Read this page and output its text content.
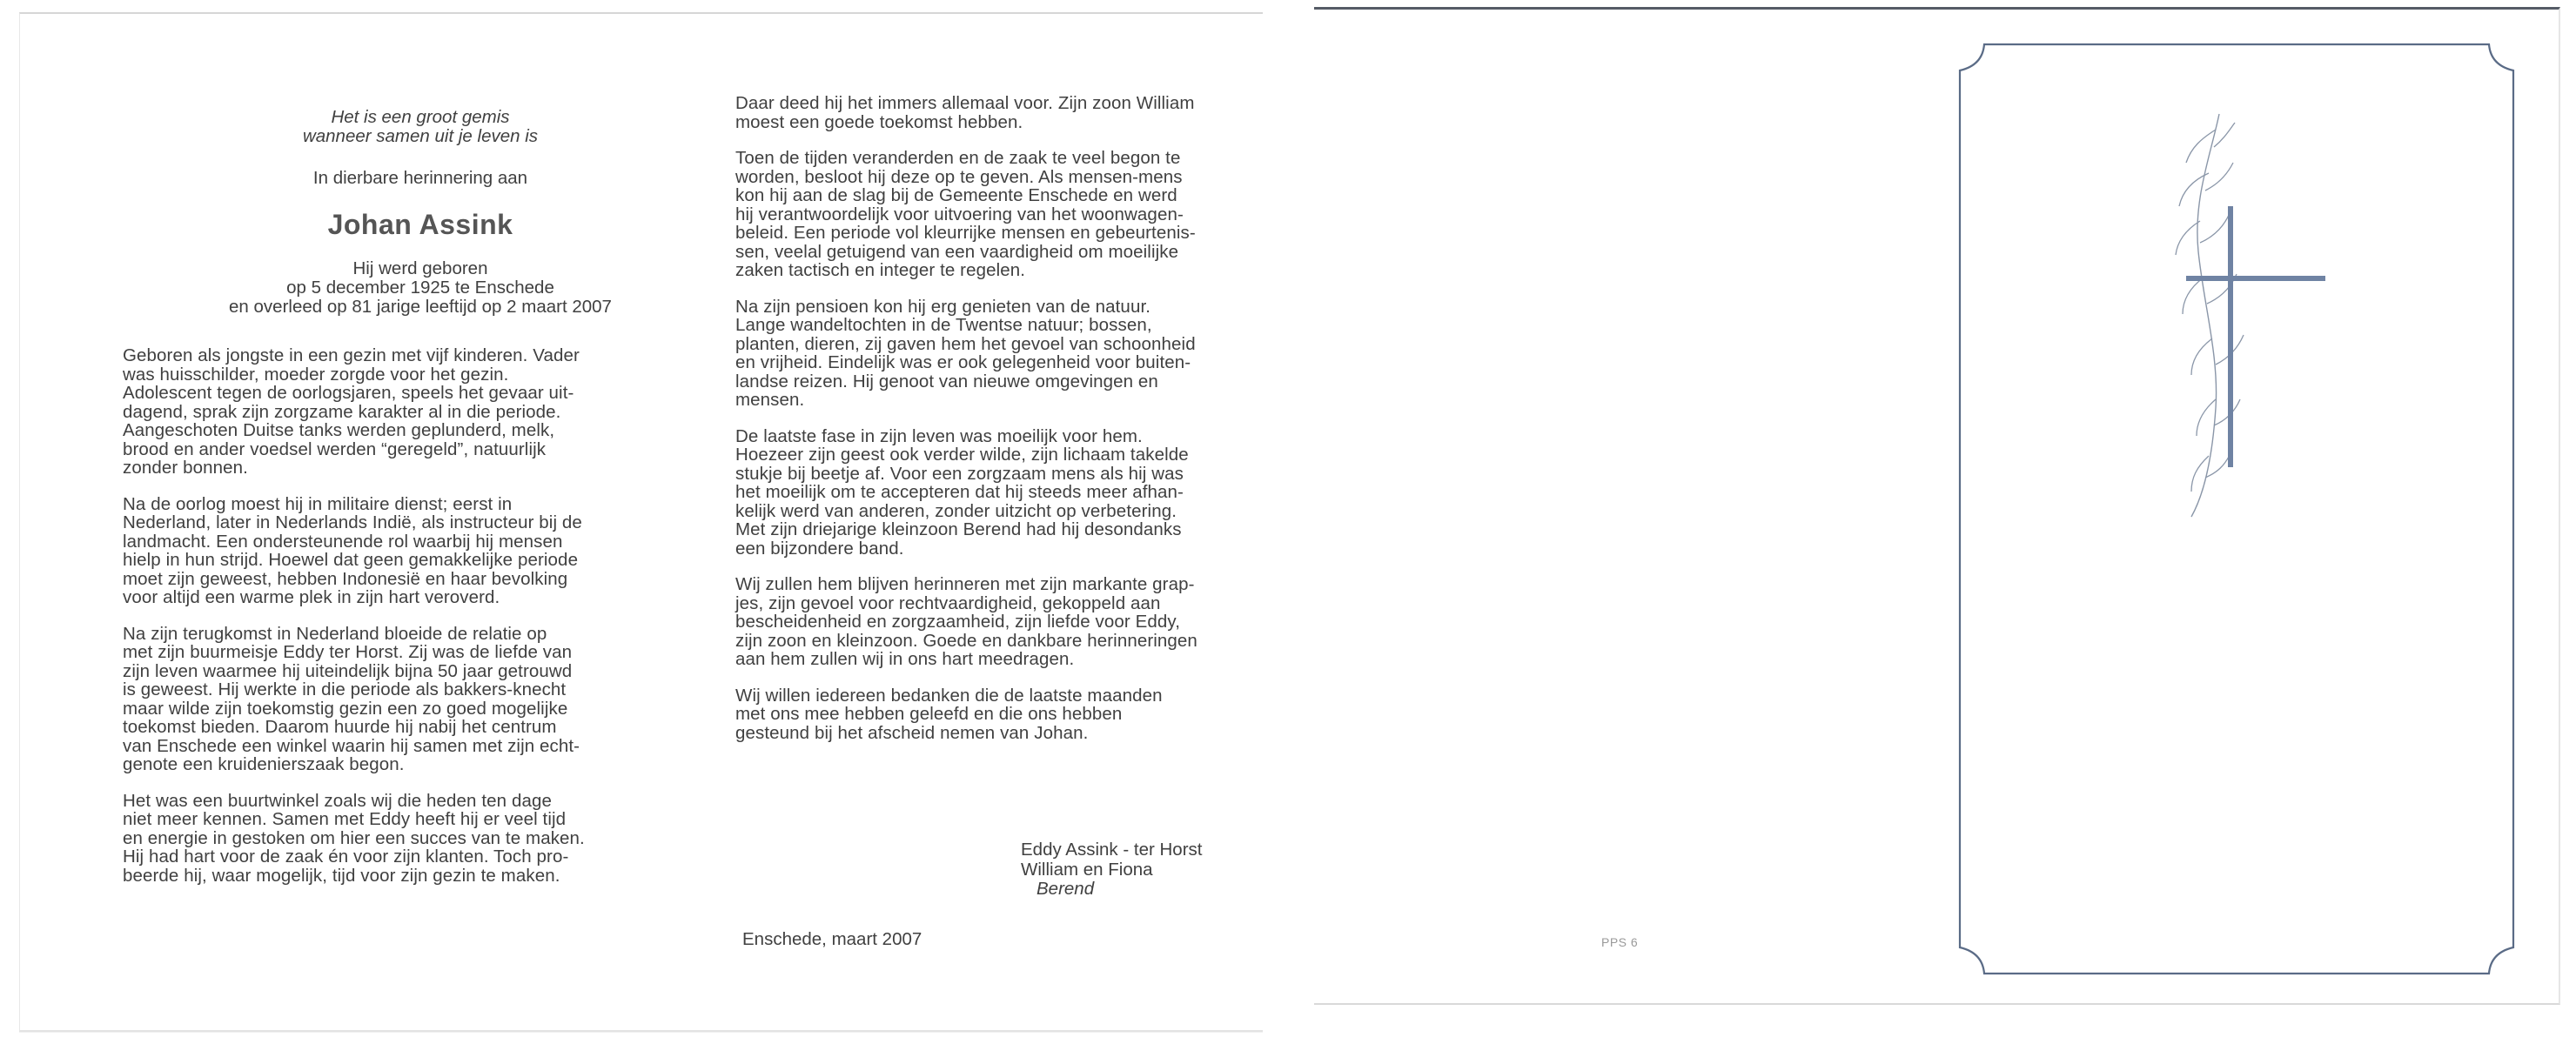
Het is een groot gemis
wanneer samen uit je leven is
In dierbare herinnering aan
Johan Assink
Hij werd geboren
op 5 december 1925 te Enschede
en overleed op 81 jarige leeftijd op 2 maart 2007

Geboren als jongste in een gezin met vijf kinderen. Vader
was huisschilder, moeder zorgde voor het gezin.
Adolescent tegen de oorlogsjaren, speels het gevaar uit-
dagend, sprak zijn zorgzame karakter al in die periode.
Aangeschoten Duitse tanks werden geplunderd, melk,
brood en ander voedsel werden “geregeld”, natuurlijk
zonder bonnen.

Na de oorlog moest hij in militaire dienst; eerst in
Nederland, later in Nederlands Indië, als instructeur bij de
landmacht. Een ondersteunende rol waarbij hij mensen
hielp in hun strijd. Hoewel dat geen gemakkelijke periode
moet zijn geweest, hebben Indonesië en haar bevolking
voor altijd een warme plek in zijn hart veroverd.

Na zijn terugkomst in Nederland bloeide de relatie op
met zijn buurmeisje Eddy ter Horst. Zij was de liefde van
zijn leven waarmee hij uiteindelijk bijna 50 jaar getrouwd
is geweest. Hij werkte in die periode als bakkers-knecht
maar wilde zijn toekomstig gezin een zo goed mogelijke
toekomst bieden. Daarom huurde hij nabij het centrum
van Enschede een winkel waarin hij samen met zijn echt-
genote een kruidenierszaak begon.

Het was een buurtwinkel zoals wij die heden ten dage
niet meer kennen. Samen met Eddy heeft hij er veel tijd
en energie in gestoken om hier een succes van te maken.
Hij had hart voor de zaak én voor zijn klanten. Toch pro-
beerde hij, waar mogelijk, tijd voor zijn gezin te maken.

Daar deed hij het immers allemaal voor. Zijn zoon William
moest een goede toekomst hebben.

Toen de tijden veranderden en de zaak te veel begon te
worden, besloot hij deze op te geven. Als mensen-mens
kon hij aan de slag bij de Gemeente Enschede en werd
hij verantwoordelijk voor uitvoering van het woonwagen-
beleid. Een periode vol kleurrijke mensen en gebeurtenis-
sen, veelal getuigend van een vaardigheid om moeilijke
zaken tactisch en integer te regelen.

Na zijn pensioen kon hij erg genieten van de natuur.
Lange wandeltochten in de Twentse natuur; bossen,
planten, dieren, zij gaven hem het gevoel van schoonheid
en vrijheid. Eindelijk was er ook gelegenheid voor buiten-
landse reizen. Hij genoot van nieuwe omgevingen en
mensen.

De laatste fase in zijn leven was moeilijk voor hem.
Hoezeer zijn geest ook verder wilde, zijn lichaam takelde
stukje bij beetje af. Voor een zorgzaam mens als hij was
het moeilijk om te accepteren dat hij steeds meer afhan-
kelijk werd van anderen, zonder uitzicht op verbetering.
Met zijn driejarige kleinzoon Berend had hij desondanks
een bijzondere band.

Wij zullen hem blijven herinneren met zijn markante grap-
jes, zijn gevoel voor rechtvaardigheid, gekoppeld aan
bescheidenheid en zorgzaamheid, zijn liefde voor Eddy,
zijn zoon en kleinzoon. Goede en dankbare herinneringen
aan hem zullen wij in ons hart meedragen.

Wij willen iedereen bedanken die de laatste maanden
met ons mee hebben geleefd en die ons hebben
gesteund bij het afscheid nemen van Johan.

Eddy Assink - ter Horst
William en Fiona
Berend
Enschede, maart 2007	PPS 6
